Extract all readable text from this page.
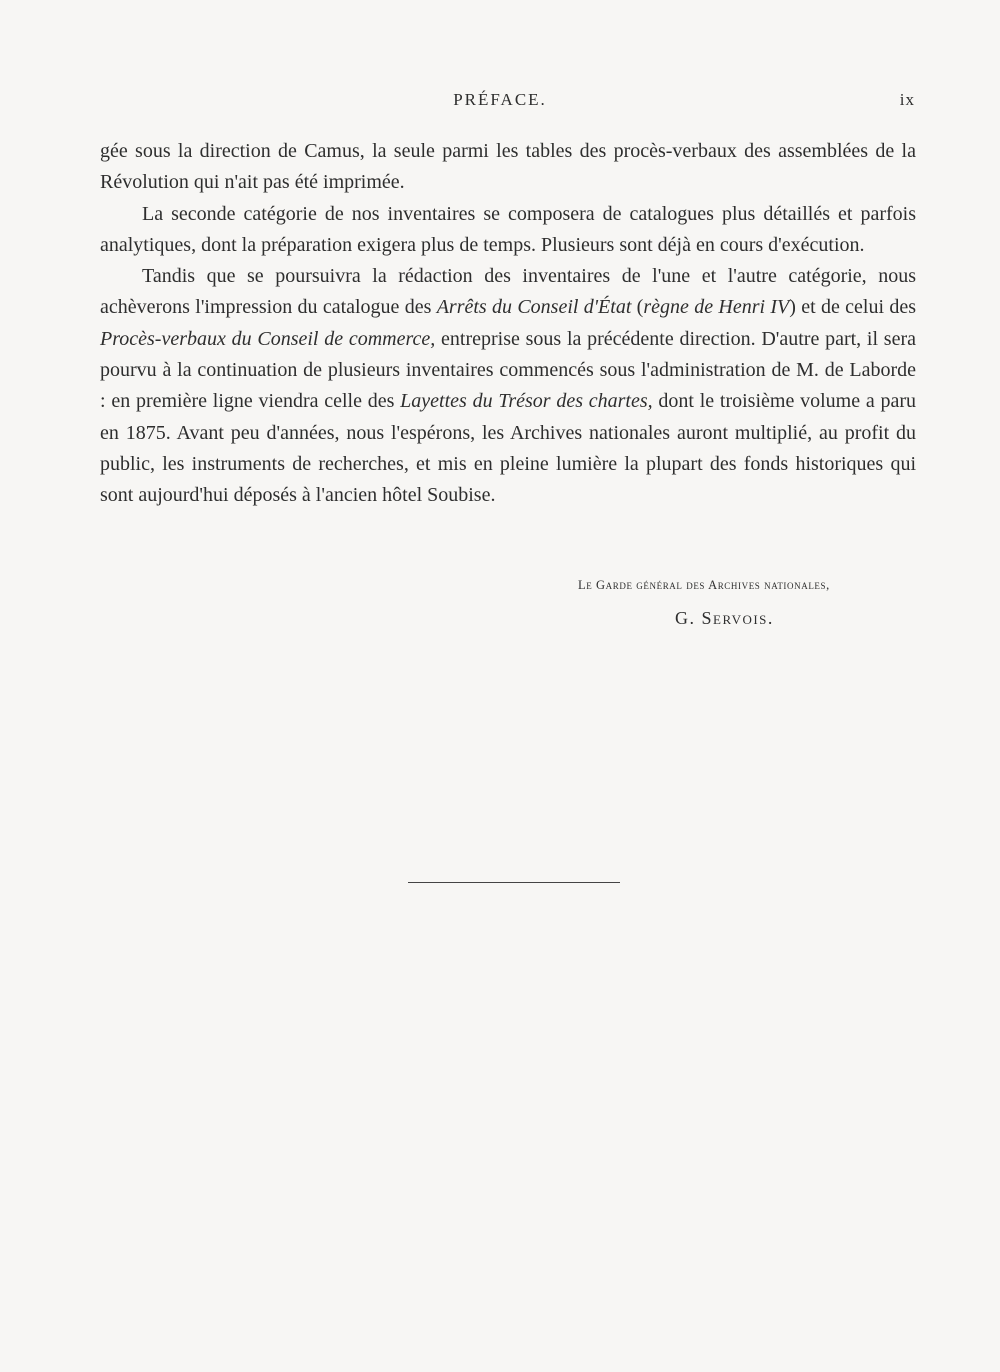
PRÉFACE.	ix

gée sous la direction de Camus, la seule parmi les tables des procès-verbaux des assemblées de la Révolution qui n'ait pas été imprimée.

La seconde catégorie de nos inventaires se composera de catalogues plus détaillés et parfois analytiques, dont la préparation exigera plus de temps. Plusieurs sont déjà en cours d'exécution.

Tandis que se poursuivra la rédaction des inventaires de l'une et l'autre catégorie, nous achèverons l'impression du catalogue des Arrêts du Conseil d'État (règne de Henri IV) et de celui des Procès-verbaux du Conseil de commerce, entreprise sous la précédente direction. D'autre part, il sera pourvu à la continuation de plusieurs inventaires commencés sous l'administration de M. de Laborde : en première ligne viendra celle des Layettes du Trésor des chartes, dont le troisième volume a paru en 1875. Avant peu d'années, nous l'espérons, les Archives nationales auront multiplié, au profit du public, les instruments de recherches, et mis en pleine lumière la plupart des fonds historiques qui sont aujourd'hui déposés à l'ancien hôtel Soubise.

Le Garde général des Archives nationales,
G. Servois.
